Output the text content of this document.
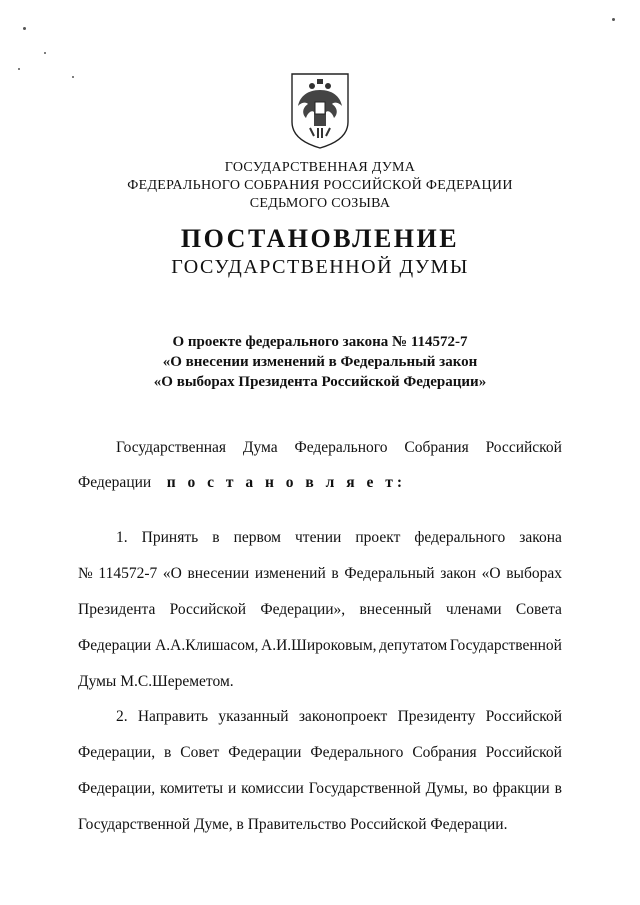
ГОСУДАРСТВЕННАЯ ДУМА
ФЕДЕРАЛЬНОГО СОБРАНИЯ РОССИЙСКОЙ ФЕДЕРАЦИИ
СЕДЬМОГО СОЗЫВА
ПОСТАНОВЛЕНИЕ
ГОСУДАРСТВЕННОЙ ДУМЫ
О проекте федерального закона № 114572-7
«О внесении изменений в Федеральный закон
«О выборах Президента Российской Федерации»
Государственная Дума Федерального Собрания Российской
Федерации п о с т а н о в л я е т:
1. Принять в первом чтении проект федерального закона
№ 114572-7 «О внесении изменений в Федеральный закон «О выборах
Президента Российской Федерации», внесенный членами Совета
Федерации А.А.Клишасом, А.И.Широковым, депутатом Государственной
Думы М.С.Шереметом.
2. Направить указанный законопроект Президенту Российской
Федерации, в Совет Федерации Федерального Собрания Российской
Федерации, комитеты и комиссии Государственной Думы, во фракции в
Государственной Думе, в Правительство Российской Федерации.
